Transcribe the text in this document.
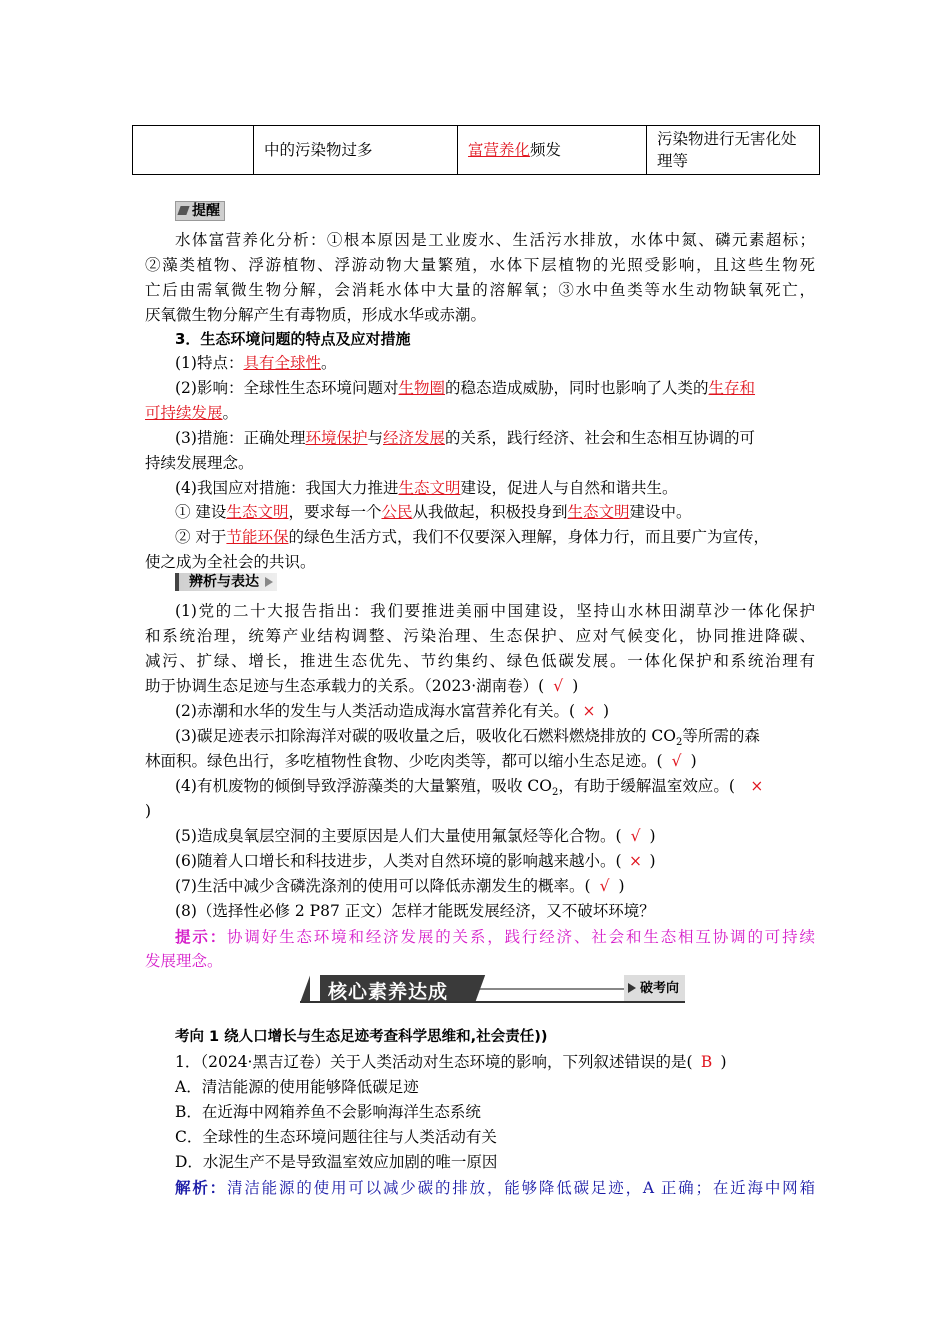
	中的污染物过多	富营养化频发	污染物进行无害化处
理等
提醒
水体富营养化分析：①根本原因是工业废水、生活污水排放，水体中氮、磷元素超标；
②藻类植物、浮游植物、浮游动物大量繁殖，水体下层植物的光照受影响，且这些生物死
亡后由需氧微生物分解，会消耗水体中大量的溶解氧；③水中鱼类等水生动物缺氧死亡，
厌氧微生物分解产生有毒物质，形成水华或赤潮。
3．生态环境问题的特点及应对措施
(1)特点：具有全球性。
(2)影响：全球性生态环境问题对生物圈的稳态造成威胁，同时也影响了人类的生存和
可持续发展。
(3)措施：正确处理环境保护与经济发展的关系，践行经济、社会和生态相互协调的可
持续发展理念。
(4)我国应对措施：我国大力推进生态文明建设，促进人与自然和谐共生。
① 建设生态文明，要求每一个公民从我做起，积极投身到生态文明建设中。
② 对于节能环保的绿色生活方式，我们不仅要深入理解，身体力行，而且要广为宣传，
使之成为全社会的共识。
辨析与表达
(1)党的二十大报告指出：我们要推进美丽中国建设，坚持山水林田湖草沙一体化保护
和系统治理，统筹产业结构调整、污染治理、生态保护、应对气候变化，协同推进降碳、
减污、扩绿、增长，推进生态优先、节约集约、绿色低碳发展。一体化保护和系统治理有
助于协调生态足迹与生态承载力的关系。（2023·湖南卷）( √ )
(2)赤潮和水华的发生与人类活动造成海水富营养化有关。( × )
(3)碳足迹表示扣除海洋对碳的吸收量之后，吸收化石燃料燃烧排放的 $CO_2$等所需的森
林面积。绿色出行，多吃植物性食物、少吃肉类等，都可以缩小生态足迹。( √ )
(4)有机废物的倾倒导致浮游藻类的大量繁殖，吸收 $CO_2$，有助于缓解温室效应。( ×
)
(5)造成臭氧层空洞的主要原因是人们大量使用氟氯烃等化合物。( √ )
(6)随着人口增长和科技进步，人类对自然环境的影响越来越小。( × )
(7)生活中减少含磷洗涤剂的使用可以降低赤潮发生的概率。( √ )
(8)（选择性必修 2 P87 正文）怎样才能既发展经济，又不破坏环境？
提示：协调好生态环境和经济发展的关系，践行经济、社会和生态相互协调的可持续
发展理念。
核心素养达成	破考向
考向 1 绕人口增长与生态足迹考查科学思维和,社会责任))
1．（2024·黑吉辽卷）关于人类活动对生态环境的影响，下列叙述错误的是( B )
A．清洁能源的使用能够降低碳足迹
B．在近海中网箱养鱼不会影响海洋生态系统
C．全球性的生态环境问题往往与人类活动有关
D．水泥生产不是导致温室效应加剧的唯一原因
解析：清洁能源的使用可以减少碳的排放，能够降低碳足迹，A 正确；在近海中网箱
